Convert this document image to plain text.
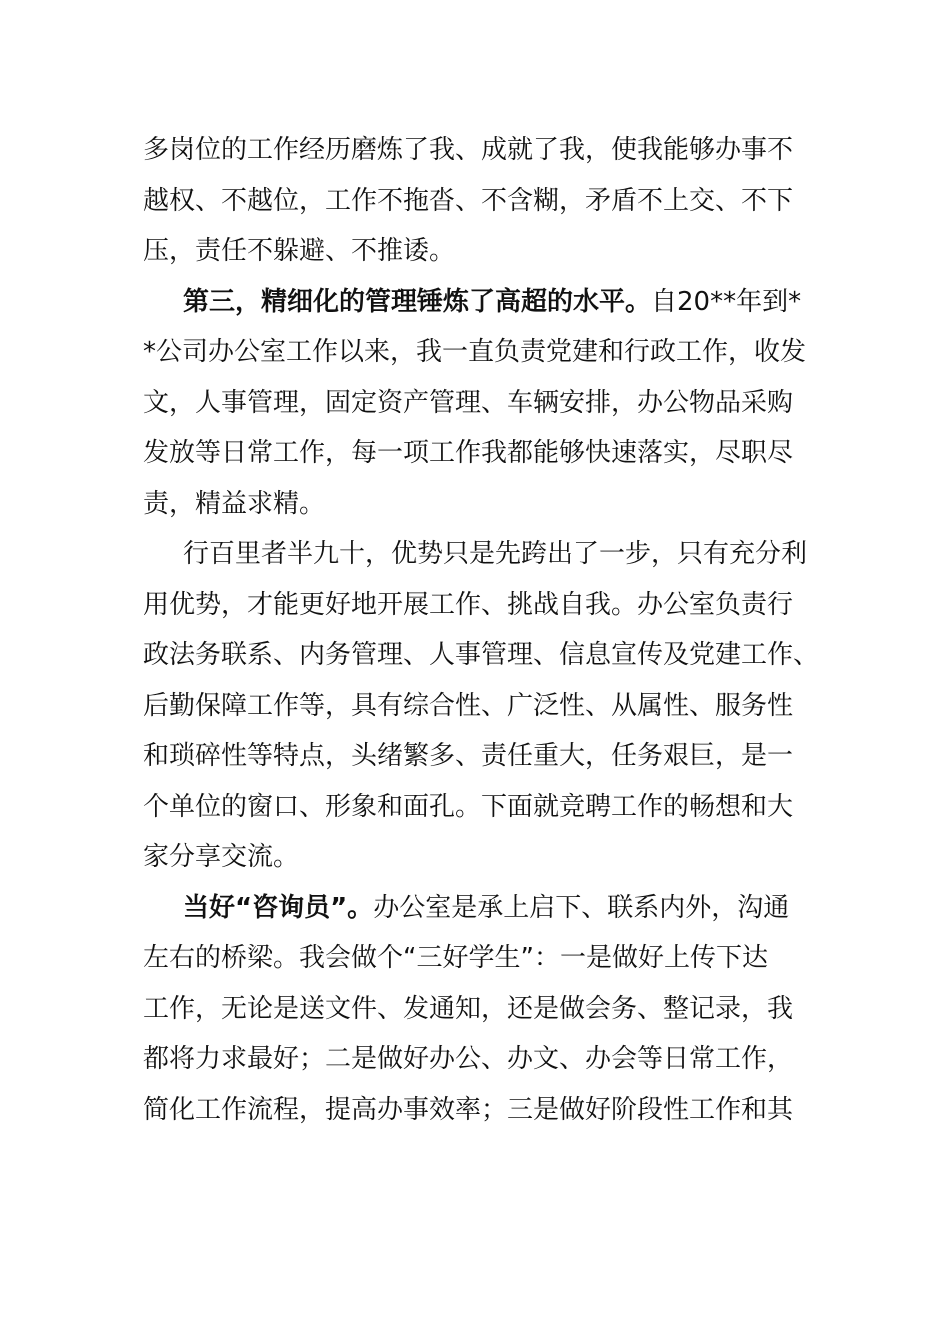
多岗位的工作经历磨炼了我、成就了我，使我能够办事不
越权、不越位，工作不拖沓、不含糊，矛盾不上交、不下
压，责任不躲避、不推诿。

第三，精细化的管理锤炼了高超的水平。自20**年到*
*公司办公室工作以来，我一直负责党建和行政工作，收发
文，人事管理，固定资产管理、车辆安排，办公物品采购
发放等日常工作，每一项工作我都能够快速落实，尽职尽
责，精益求精。

行百里者半九十，优势只是先跨出了一步，只有充分利
用优势，才能更好地开展工作、挑战自我。办公室负责行
政法务联系、内务管理、人事管理、信息宣传及党建工作、
后勤保障工作等，具有综合性、广泛性、从属性、服务性
和琐碎性等特点，头绪繁多、责任重大，任务艰巨，是一
个单位的窗口、形象和面孔。下面就竞聘工作的畅想和大
家分享交流。

当好“咨询员”。办公室是承上启下、联系内外，沟通
左右的桥梁。我会做个“三好学生”：一是做好上传下达
工作，无论是送文件、发通知，还是做会务、整记录，我
都将力求最好；二是做好办公、办文、办会等日常工作，
简化工作流程，提高办事效率；三是做好阶段性工作和其
